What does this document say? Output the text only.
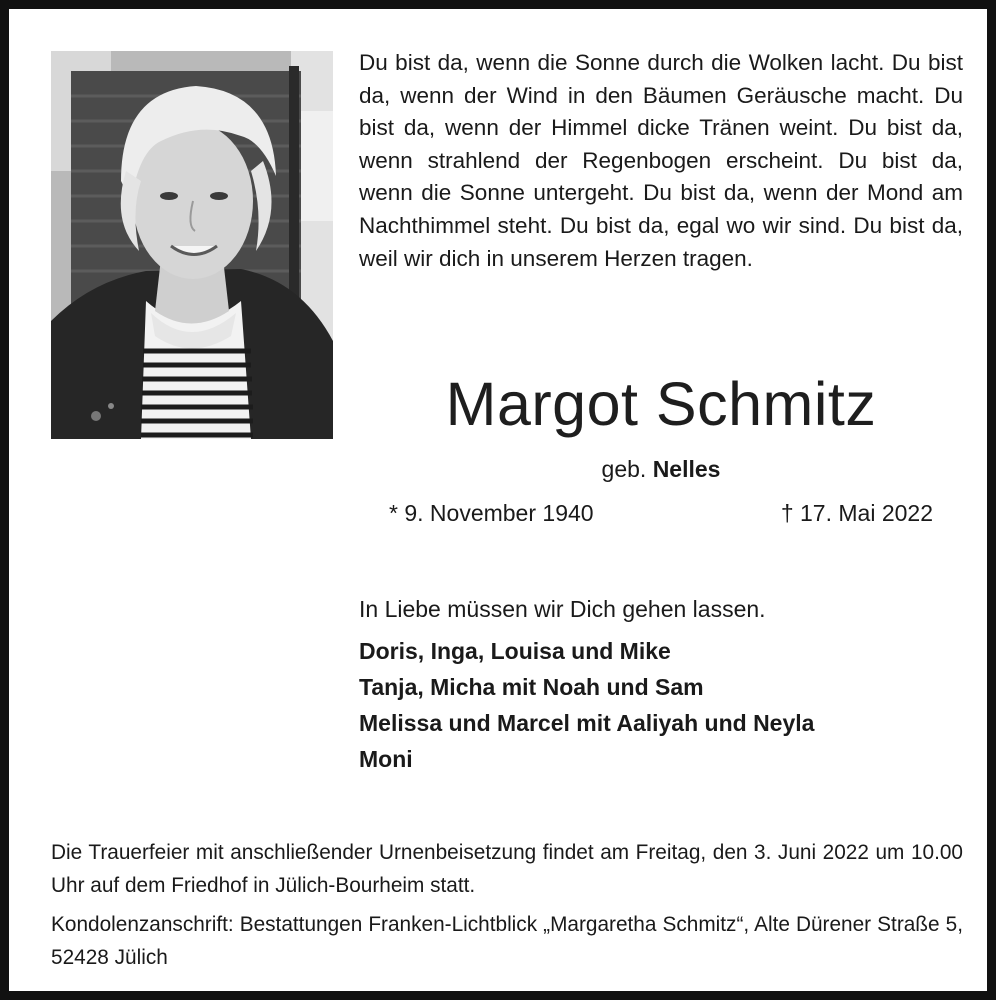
Du bist da, wenn die Sonne durch die Wolken lacht. Du bist da, wenn der Wind in den Bäumen Geräusche macht. Du bist da, wenn der Himmel dicke Tränen weint. Du bist da, wenn strahlend der Regenbogen erscheint. Du bist da, wenn die Sonne untergeht. Du bist da, wenn der Mond am Nachthimmel steht. Du bist da, egal wo wir sind. Du bist da, weil wir dich in unserem Herzen tragen.

Margot Schmitz
geb. Nelles
* 9. November 1940	† 17. Mai 2022
In Liebe müssen wir Dich gehen lassen.
Doris, Inga, Louisa und Mike
Tanja, Micha mit Noah und Sam
Melissa und Marcel mit Aaliyah und Neyla
Moni

Die Trauerfeier mit anschließender Urnenbeisetzung findet am Freitag, den 3. Juni 2022 um 10.00 Uhr auf dem Friedhof in Jülich-Bourheim statt.

Kondolenzanschrift: Bestattungen Franken-Lichtblick „Margaretha Schmitz“, Alte Dürener Straße 5, 52428 Jülich
